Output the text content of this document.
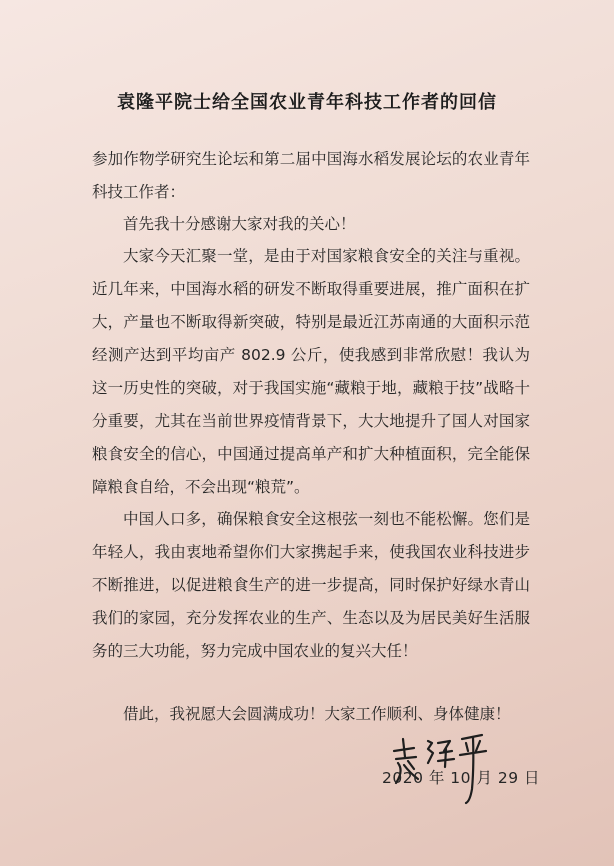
袁隆平院士给全国农业青年科技工作者的回信

参加作物学研究生论坛和第二届中国海水稻发展论坛的农业青年科技工作者：

首先我十分感谢大家对我的关心！

大家今天汇聚一堂，是由于对国家粮食安全的关注与重视。近几年来，中国海水稻的研发不断取得重要进展，推广面积在扩大，产量也不断取得新突破，特别是最近江苏南通的大面积示范经测产达到平均亩产 802.9 公斤，使我感到非常欣慰！我认为这一历史性的突破，对于我国实施“藏粮于地，藏粮于技”战略十分重要，尤其在当前世界疫情背景下，大大地提升了国人对国家粮食安全的信心，中国通过提高单产和扩大种植面积，完全能保障粮食自给，不会出现“粮荒”。

中国人口多，确保粮食安全这根弦一刻也不能松懈。您们是年轻人，我由衷地希望你们大家携起手来，使我国农业科技进步不断推进，以促进粮食生产的进一步提高，同时保护好绿水青山我们的家园，充分发挥农业的生产、生态以及为居民美好生活服务的三大功能，努力完成中国农业的复兴大任！

借此，我祝愿大会圆满成功！大家工作顺利、身体健康！

2020 年 10 月 29 日
